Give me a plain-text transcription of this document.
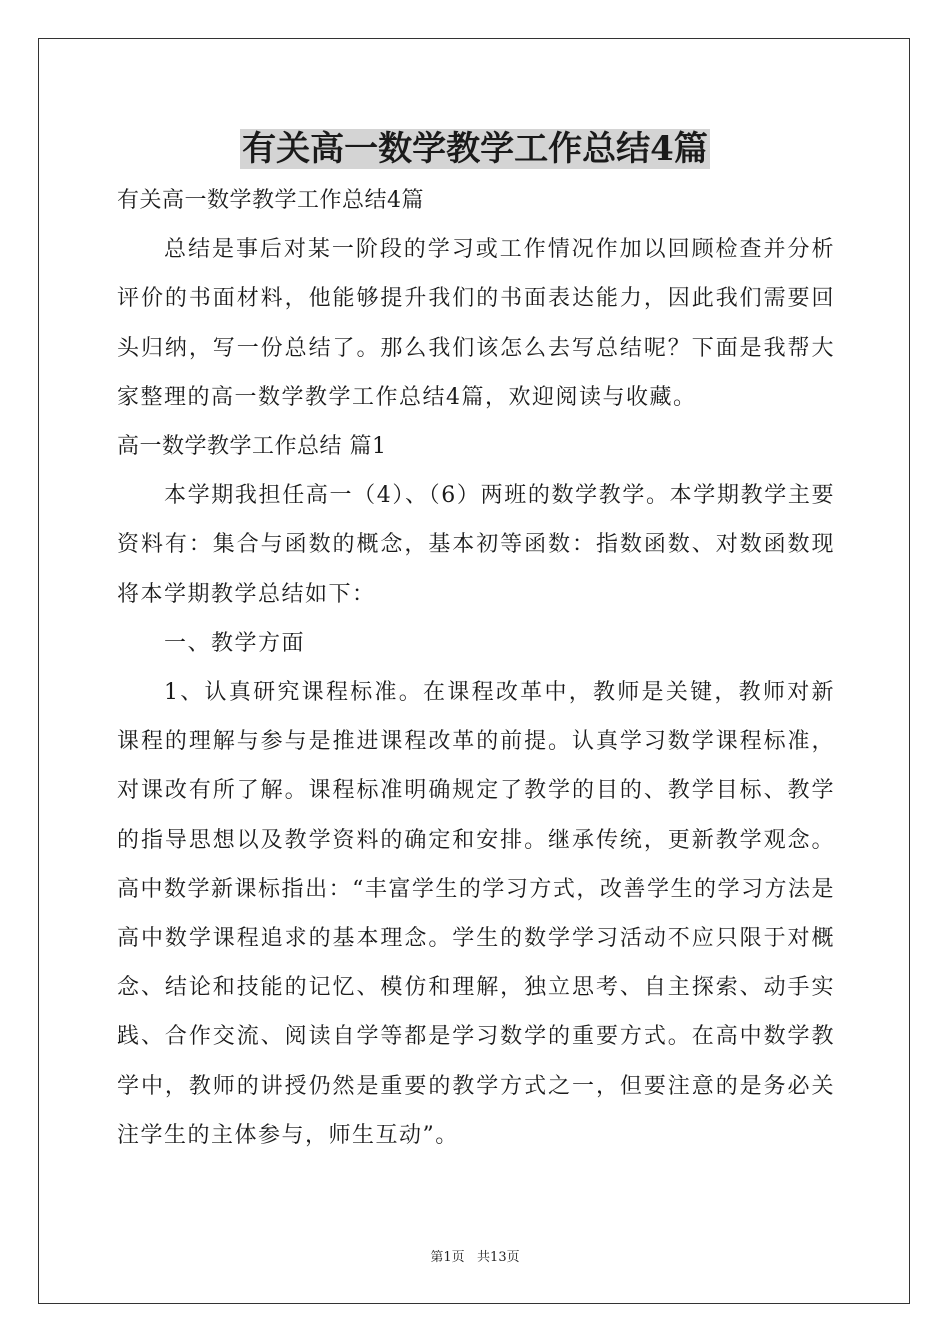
有关高一数学教学工作总结4篇

有关高一数学教学工作总结4篇

总结是事后对某一阶段的学习或工作情况作加以回顾检查并分析评价的书面材料，他能够提升我们的书面表达能力，因此我们需要回头归纳，写一份总结了。那么我们该怎么去写总结呢？下面是我帮大家整理的高一数学教学工作总结4篇，欢迎阅读与收藏。

高一数学教学工作总结 篇1

本学期我担任高一（4）、（6）两班的数学教学。本学期教学主要资料有：集合与函数的概念，基本初等函数：指数函数、对数函数现将本学期教学总结如下：

一、教学方面

1、认真研究课程标准。在课程改革中，教师是关键，教师对新课程的理解与参与是推进课程改革的前提。认真学习数学课程标准，对课改有所了解。课程标准明确规定了教学的目的、教学目标、教学的指导思想以及教学资料的确定和安排。继承传统，更新教学观念。高中数学新课标指出：“丰富学生的学习方式，改善学生的学习方法是高中数学课程追求的基本理念。学生的数学学习活动不应只限于对概念、结论和技能的记忆、模仿和理解，独立思考、自主探索、动手实践、合作交流、阅读自学等都是学习数学的重要方式。在高中数学教学中，教师的讲授仍然是重要的教学方式之一，但要注意的是务必关注学生的主体参与，师生互动”。

第1页   共13页
